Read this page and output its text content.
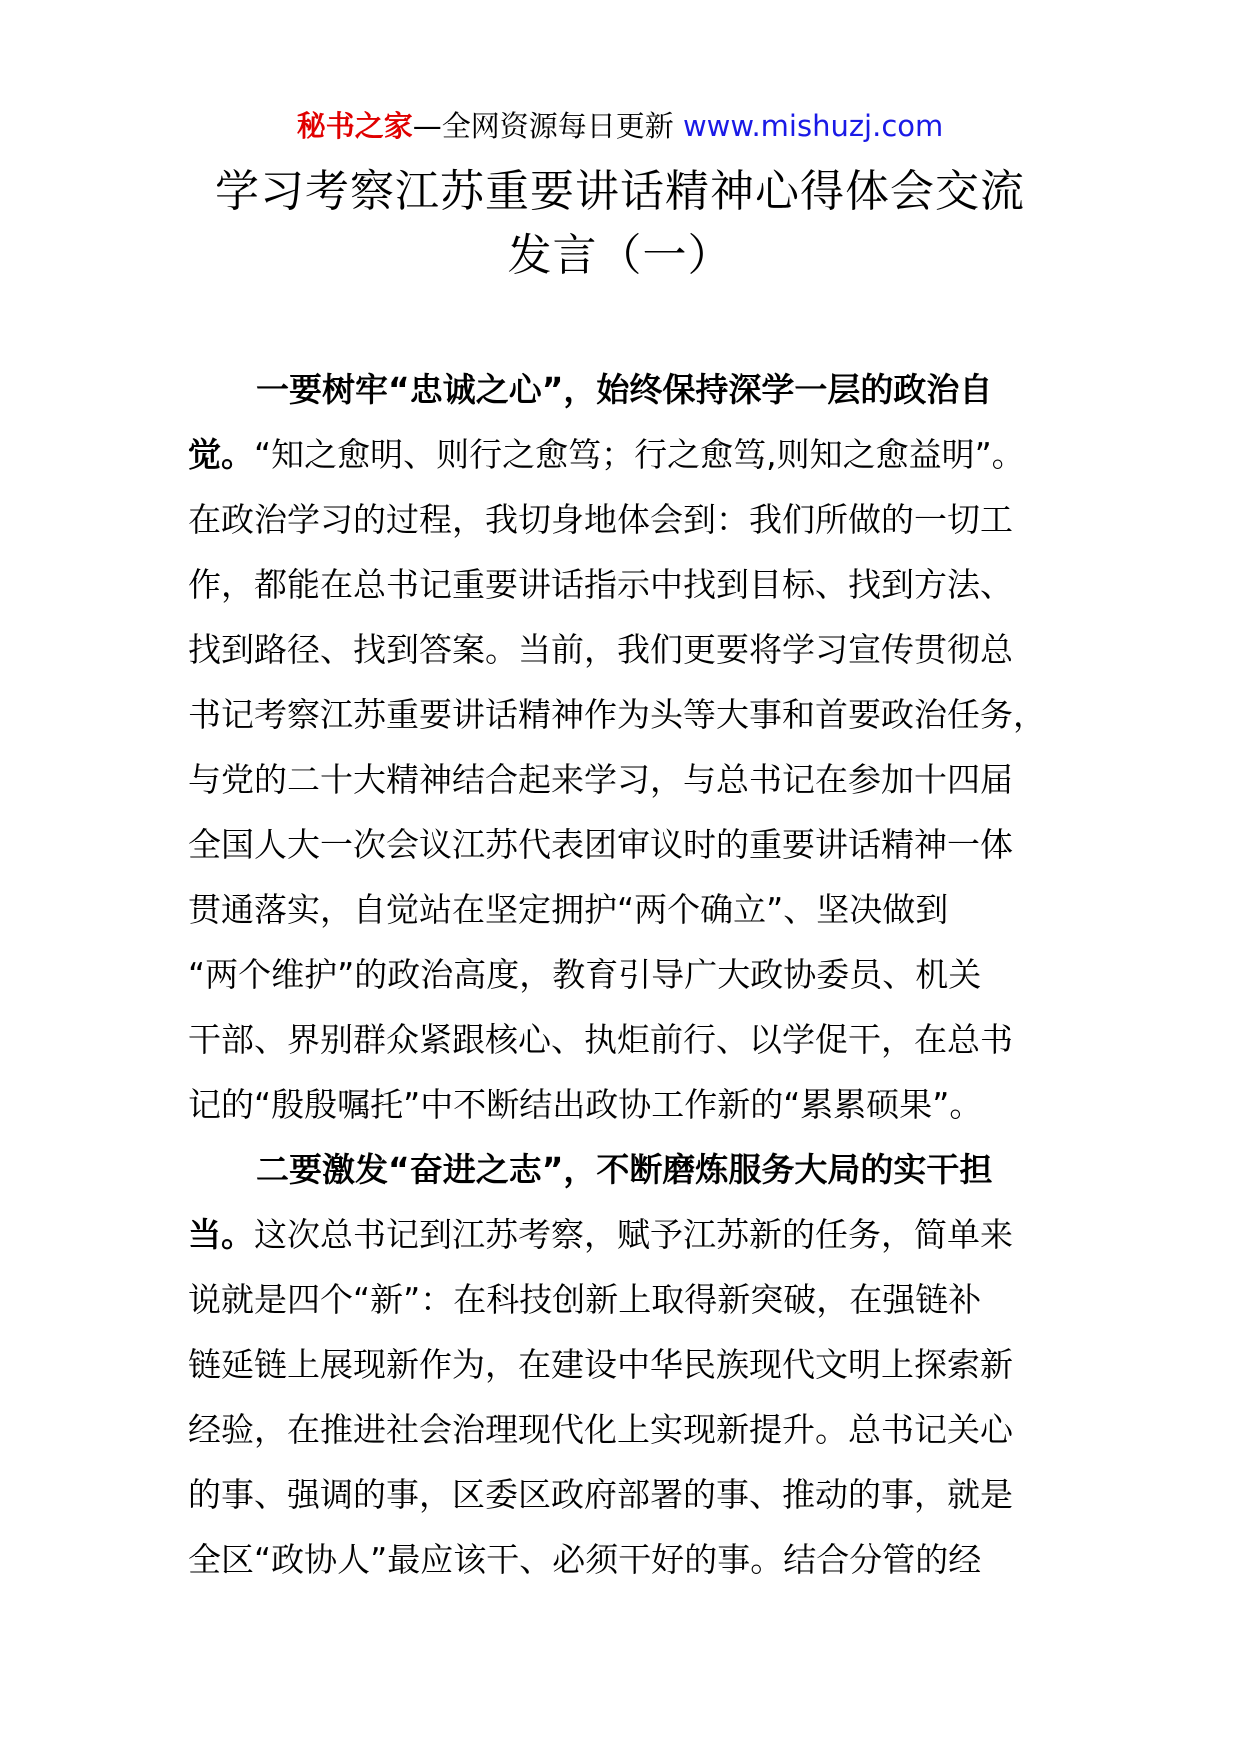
秘书之家—全网资源每日更新 www.mishuzj.com
学习考察江苏重要讲话精神心得体会交流
发言（一）
一要树牢“忠诚之心”，始终保持深学一层的政治自
觉。“知之愈明、则行之愈笃；行之愈笃,则知之愈益明”。
在政治学习的过程，我切身地体会到：我们所做的一切工
作，都能在总书记重要讲话指示中找到目标、找到方法、
找到路径、找到答案。当前，我们更要将学习宣传贯彻总
书记考察江苏重要讲话精神作为头等大事和首要政治任务，
与党的二十大精神结合起来学习，与总书记在参加十四届
全国人大一次会议江苏代表团审议时的重要讲话精神一体
贯通落实，自觉站在坚定拥护“两个确立”、坚决做到
“两个维护”的政治高度，教育引导广大政协委员、机关
干部、界别群众紧跟核心、执炬前行、以学促干，在总书
记的“殷殷嘱托”中不断结出政协工作新的“累累硕果”。
二要激发“奋进之志”，不断磨炼服务大局的实干担
当。这次总书记到江苏考察，赋予江苏新的任务，简单来
说就是四个“新”：在科技创新上取得新突破，在强链补
链延链上展现新作为，在建设中华民族现代文明上探索新
经验，在推进社会治理现代化上实现新提升。总书记关心
的事、强调的事，区委区政府部署的事、推动的事，就是
全区“政协人”最应该干、必须干好的事。结合分管的经
